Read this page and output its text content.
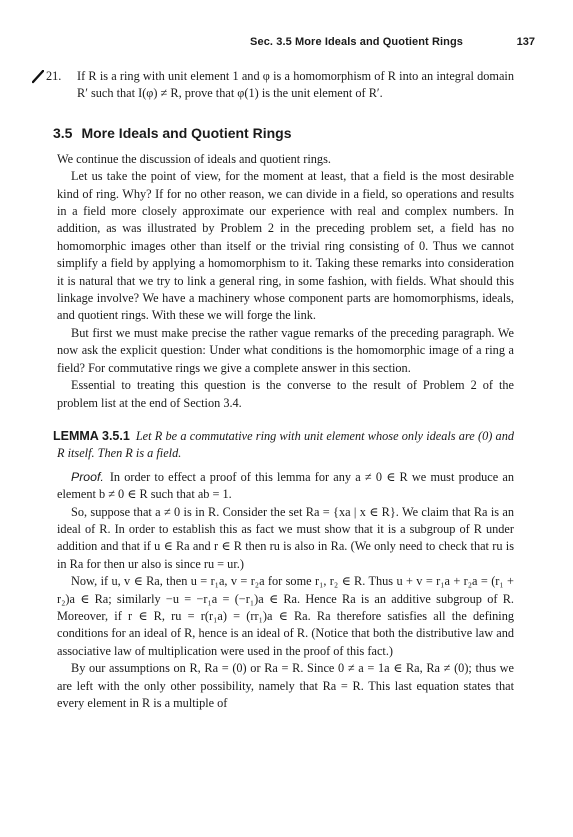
Sec. 3.5 More Ideals and Quotient Rings	137

21. If R is a ring with unit element 1 and φ is a homomorphism of R into an integral domain R′ such that I(φ) ≠ R, prove that φ(1) is the unit element of R′.

3.5 More Ideals and Quotient Rings

We continue the discussion of ideals and quotient rings.

Let us take the point of view, for the moment at least, that a field is the most desirable kind of ring. Why? If for no other reason, we can divide in a field, so operations and results in a field more closely approximate our experience with real and complex numbers. In addition, as was illustrated by Problem 2 in the preceding problem set, a field has no homomorphic images other than itself or the trivial ring consisting of 0. Thus we cannot simplify a field by applying a homomorphism to it. Taking these remarks into consideration it is natural that we try to link a general ring, in some fashion, with fields. What should this linkage involve? We have a machinery whose component parts are homomorphisms, ideals, and quotient rings. With these we will forge the link.

But first we must make precise the rather vague remarks of the preceding paragraph. We now ask the explicit question: Under what conditions is the homomorphic image of a ring a field? For commutative rings we give a complete answer in this section.

Essential to treating this question is the converse to the result of Problem 2 of the problem list at the end of Section 3.4.

LEMMA 3.5.1 Let R be a commutative ring with unit element whose only ideals are (0) and R itself. Then R is a field.

Proof. In order to effect a proof of this lemma for any a ≠ 0 ∈ R we must produce an element b ≠ 0 ∈ R such that ab = 1.

So, suppose that a ≠ 0 is in R. Consider the set Ra = {xa | x ∈ R}. We claim that Ra is an ideal of R. In order to establish this as fact we must show that it is a subgroup of R under addition and that if u ∈ Ra and r ∈ R then ru is also in Ra. (We only need to check that ru is in Ra for then ur also is since ru = ur.)

Now, if u, v ∈ Ra, then u = r₁a, v = r₂a for some r₁, r₂ ∈ R. Thus u + v = r₁a + r₂a = (r₁ + r₂)a ∈ Ra; similarly −u = −r₁a = (−r₁)a ∈ Ra. Hence Ra is an additive subgroup of R. Moreover, if r ∈ R, ru = r(r₁a) = (rr₁)a ∈ Ra. Ra therefore satisfies all the defining conditions for an ideal of R, hence is an ideal of R. (Notice that both the distributive law and associative law of multiplication were used in the proof of this fact.)

By our assumptions on R, Ra = (0) or Ra = R. Since 0 ≠ a = 1a ∈ Ra, Ra ≠ (0); thus we are left with the only other possibility, namely that Ra = R. This last equation states that every element in R is a multiple of
